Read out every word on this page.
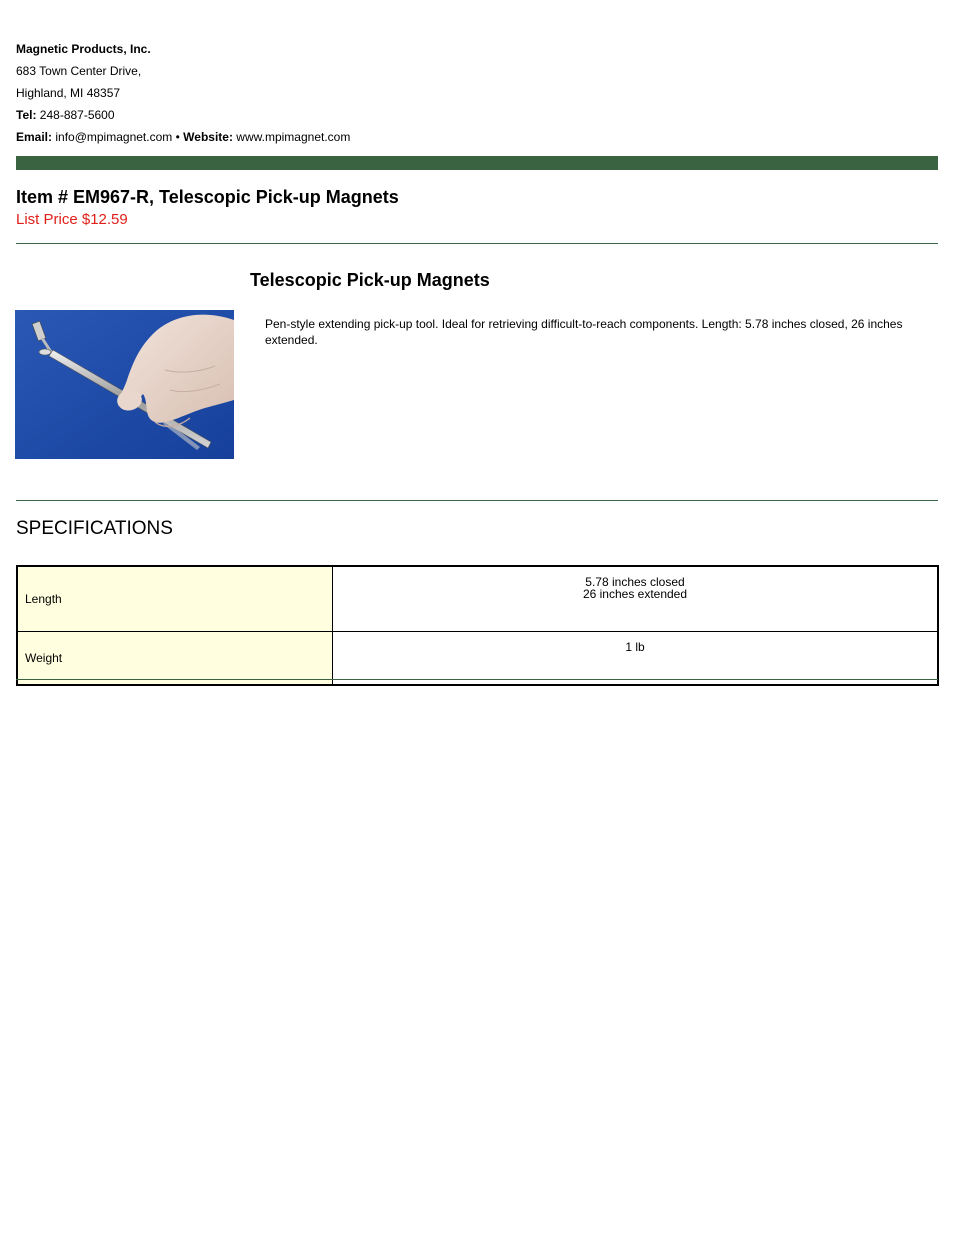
Magnetic Products, Inc.
683 Town Center Drive,
Highland, MI 48357
Tel: 248-887-5600
Email: info@mpimagnet.com • Website: www.mpimagnet.com
Item # EM967-R, Telescopic Pick-up Magnets
List Price $12.59
Telescopic Pick-up Magnets
Pen-style extending pick-up tool. Ideal for retrieving difficult-to-reach components. Length: 5.78 inches closed, 26 inches extended.
SPECIFICATIONS
Length	5.78 inches closed
26 inches extended

Weight	1 lb
